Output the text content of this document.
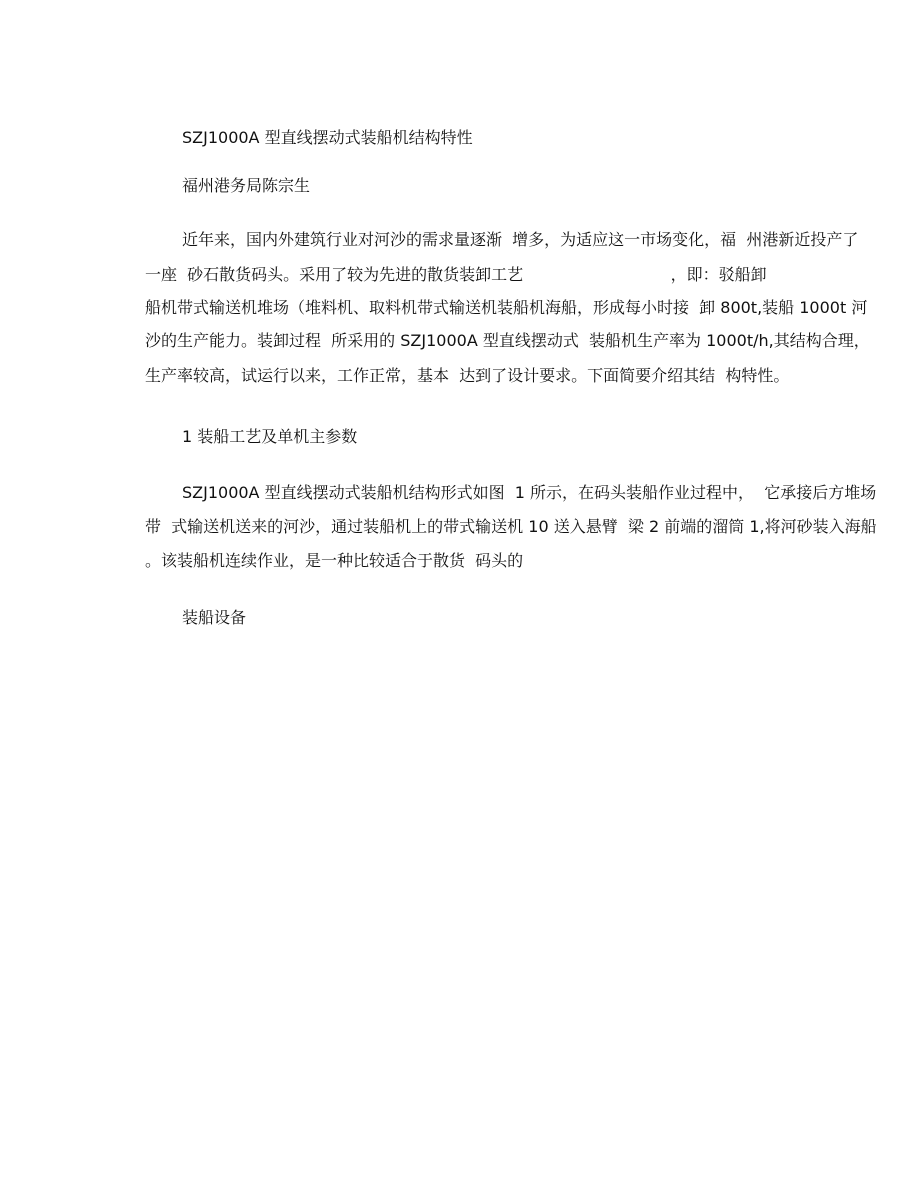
SZJ1000A 型直线摆动式装船机结构特性
福州港务局陈宗生
近年来，国内外建筑行业对河沙的需求量逐渐  增多，为适应这一市场变化，福  州港新近投产了
一座  砂石散货码头。采用了较为先进的散货装卸工艺                             ，即：驳船卸
船机带式输送机堆场（堆料机、取料机带式输送机装船机海船，形成每小时接  卸 800t,装船 1000t 河
沙的生产能力。装卸过程  所采用的 SZJ1000A 型直线摆动式  装船机生产率为 1000t/h,其结构合理，
生产率较高，试运行以来，工作正常，基本  达到了设计要求。下面简要介绍其结  构特性。
1 装船工艺及单机主参数
SZJ1000A 型直线摆动式装船机结构形式如图  1 所示，在码头装船作业过程中，  它承接后方堆场
带  式输送机送来的河沙，通过装船机上的带式输送机 10 送入悬臂  梁 2 前端的溜筒 1,将河砂装入海船
。该装船机连续作业，是一种比较适合于散货  码头的
装船设备
